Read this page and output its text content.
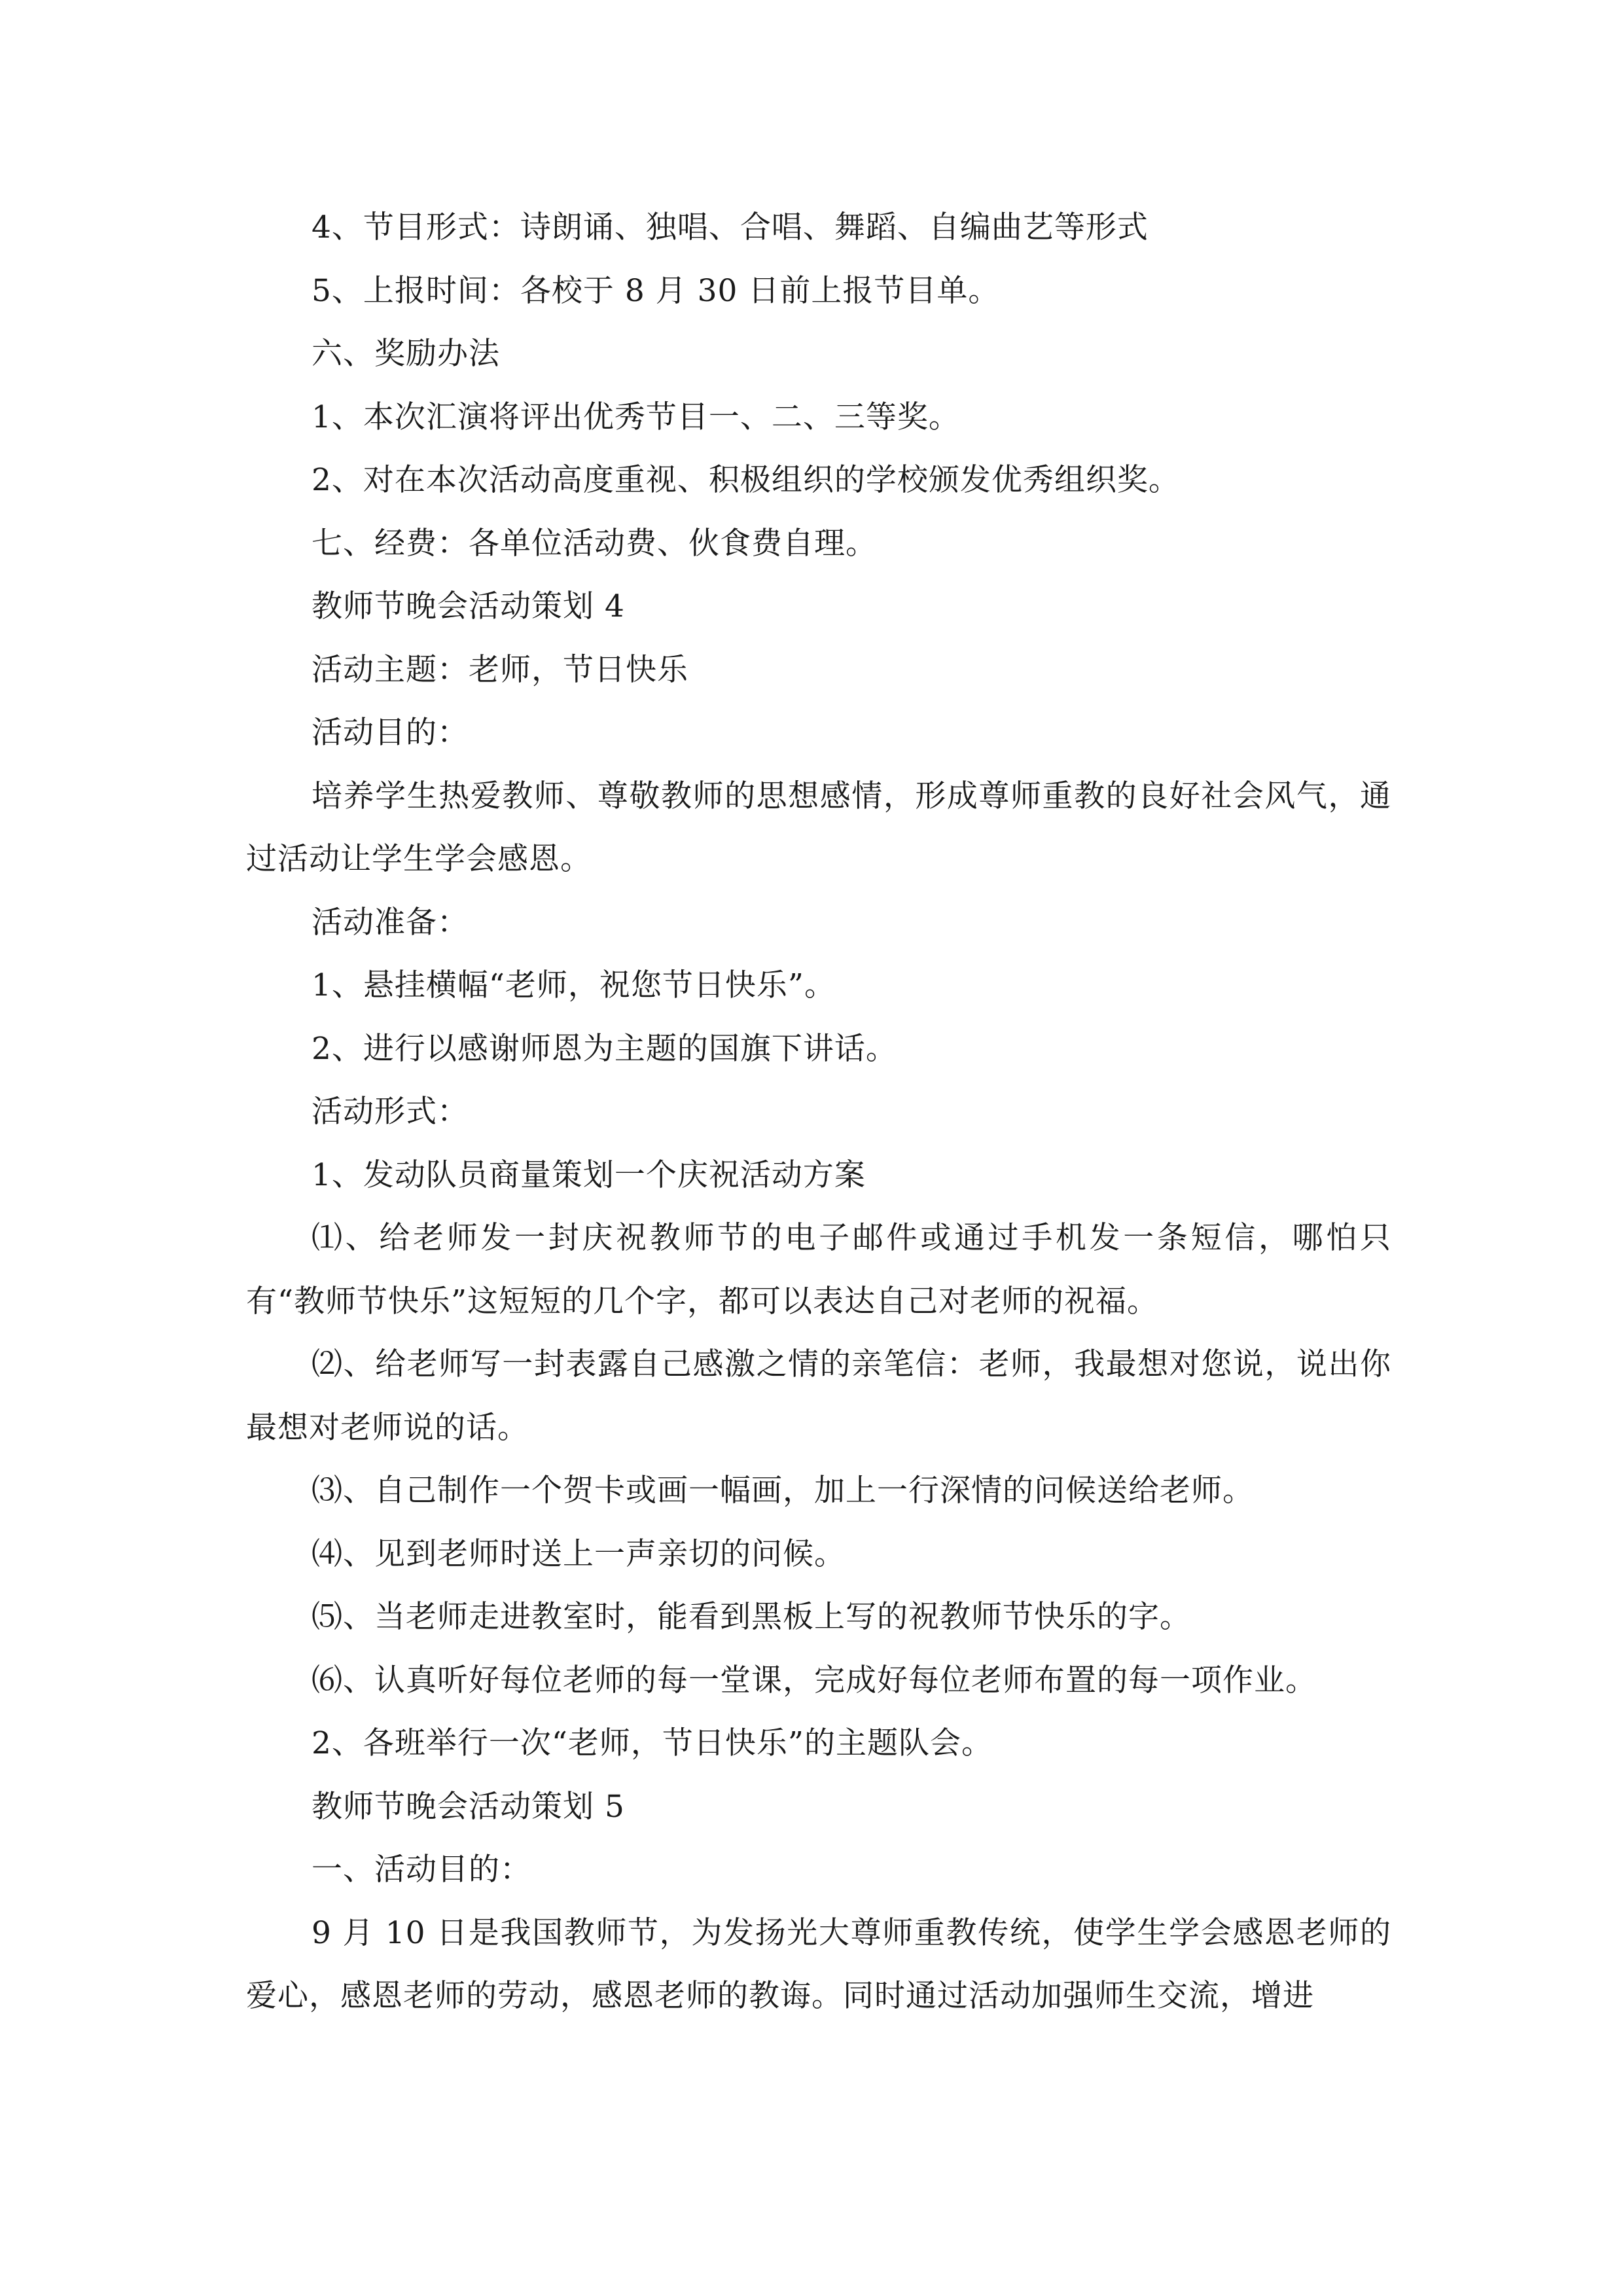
4、节目形式：诗朗诵、独唱、合唱、舞蹈、自编曲艺等形式

5、上报时间：各校于 8 月 30 日前上报节目单。

六、奖励办法

1、本次汇演将评出优秀节目一、二、三等奖。

2、对在本次活动高度重视、积极组织的学校颁发优秀组织奖。

七、经费：各单位活动费、伙食费自理。

教师节晚会活动策划 4

活动主题：老师，节日快乐

活动目的：

培养学生热爱教师、尊敬教师的思想感情，形成尊师重教的良好社会风气，通过活动让学生学会感恩。

活动准备：

1、悬挂横幅“老师，祝您节日快乐”。

2、进行以感谢师恩为主题的国旗下讲话。

活动形式：

1、发动队员商量策划一个庆祝活动方案

⑴、给老师发一封庆祝教师节的电子邮件或通过手机发一条短信，哪怕只有“教师节快乐”这短短的几个字，都可以表达自己对老师的祝福。

⑵、给老师写一封表露自己感激之情的亲笔信：老师，我最想对您说，说出你最想对老师说的话。

⑶、自己制作一个贺卡或画一幅画，加上一行深情的问候送给老师。

⑷、见到老师时送上一声亲切的问候。

⑸、当老师走进教室时，能看到黑板上写的祝教师节快乐的字。

⑹、认真听好每位老师的每一堂课，完成好每位老师布置的每一项作业。

2、各班举行一次“老师，节日快乐”的主题队会。

教师节晚会活动策划 5

一、活动目的：

9 月 10 日是我国教师节，为发扬光大尊师重教传统，使学生学会感恩老师的爱心，感恩老师的劳动，感恩老师的教诲。同时通过活动加强师生交流，增进
